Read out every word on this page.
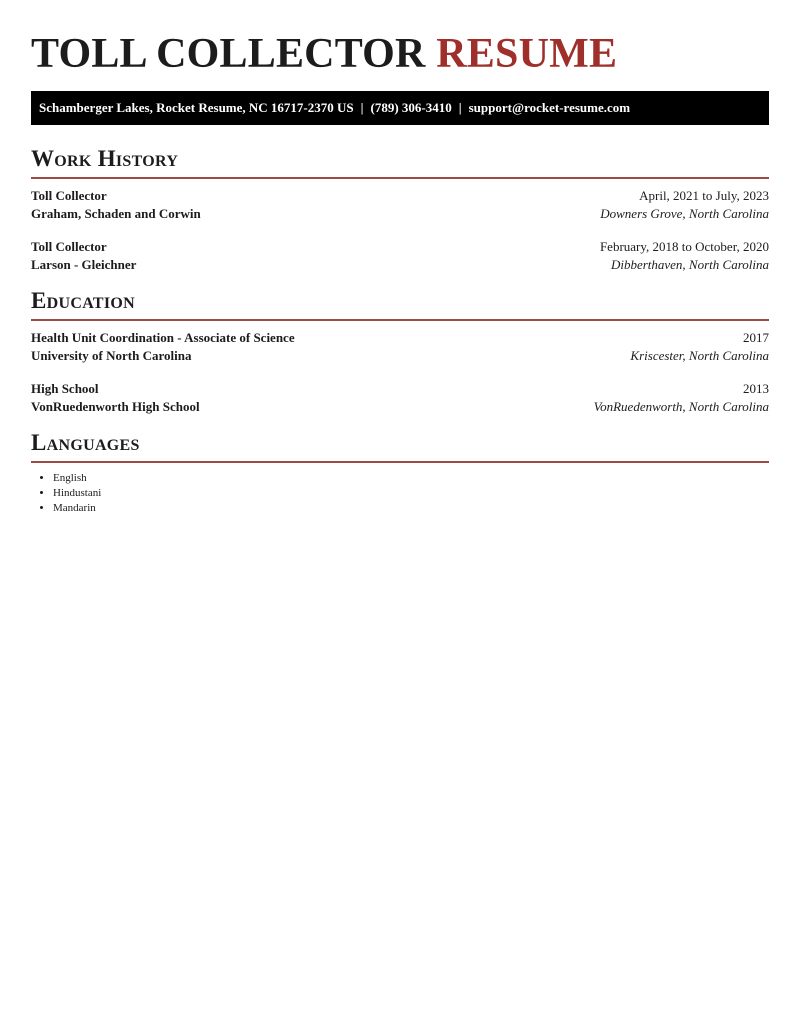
TOLL COLLECTOR RESUME
Schamberger Lakes, Rocket Resume, NC 16717-2370 US | (789) 306-3410 | support@rocket-resume.com
Work History
Toll Collector	April, 2021 to July, 2023
Graham, Schaden and Corwin	Downers Grove, North Carolina
Toll Collector	February, 2018 to October, 2020
Larson - Gleichner	Dibberthaven, North Carolina
Education
Health Unit Coordination - Associate of Science	2017
University of North Carolina	Kriscester, North Carolina
High School	2013
VonRuedenworth High School	VonRuedenworth, North Carolina
Languages
• English
• Hindustani
• Mandarin
